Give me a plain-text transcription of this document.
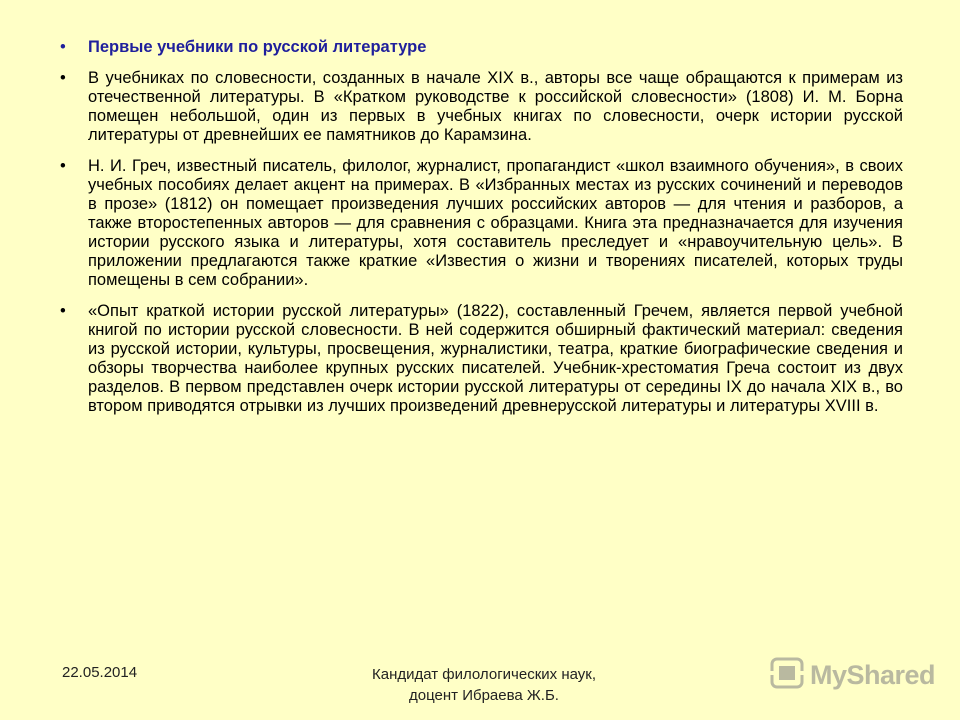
•	Первые учебники по русской литературе
•	В учебниках по словесности, созданных в начале XIX в., авторы все чаще обращаются к примерам из отечественной литературы. В «Кратком руководстве к российской словесности» (1808) И. М. Борна помещен небольшой, один из первых в учебных книгах по словесности, очерк истории русской литературы от древнейших ее памятников до Карамзина.
•	Н. И. Греч, известный писатель, филолог, журналист, пропагандист «школ взаимного обучения», в своих учебных пособиях делает акцент на примерах. В «Избранных местах из русских сочинений и переводов в прозе» (1812) он помещает произведения лучших российских авторов — для чтения и разборов, а также второстепенных авторов — для сравнения с образцами. Книга эта предназначается для изучения истории русского языка и литературы, хотя составитель преследует и «нравоучительную цель». В приложении предлагаются также краткие «Известия о жизни и творениях писателей, которых труды помещены в сем собрании».
•	«Опыт краткой истории русской литературы» (1822), составленный Гречем, является первой учебной книгой по истории русской словесности. В ней содержится обширный фактический материал: сведения из русской истории, культуры, просвещения, журналистики, театра, краткие биографические сведения и обзоры творчества наиболее крупных русских писателей. Учебник-хрестоматия Греча состоит из двух разделов. В первом представлен очерк истории русской литературы от середины IX до начала XIX в., во втором приводятся отрывки из лучших произведений древнерусской литературы и литературы XVIII в.
22.05.2014	Кандидат филологических наук,
доцент Ибраева Ж.Б.
MyShared
